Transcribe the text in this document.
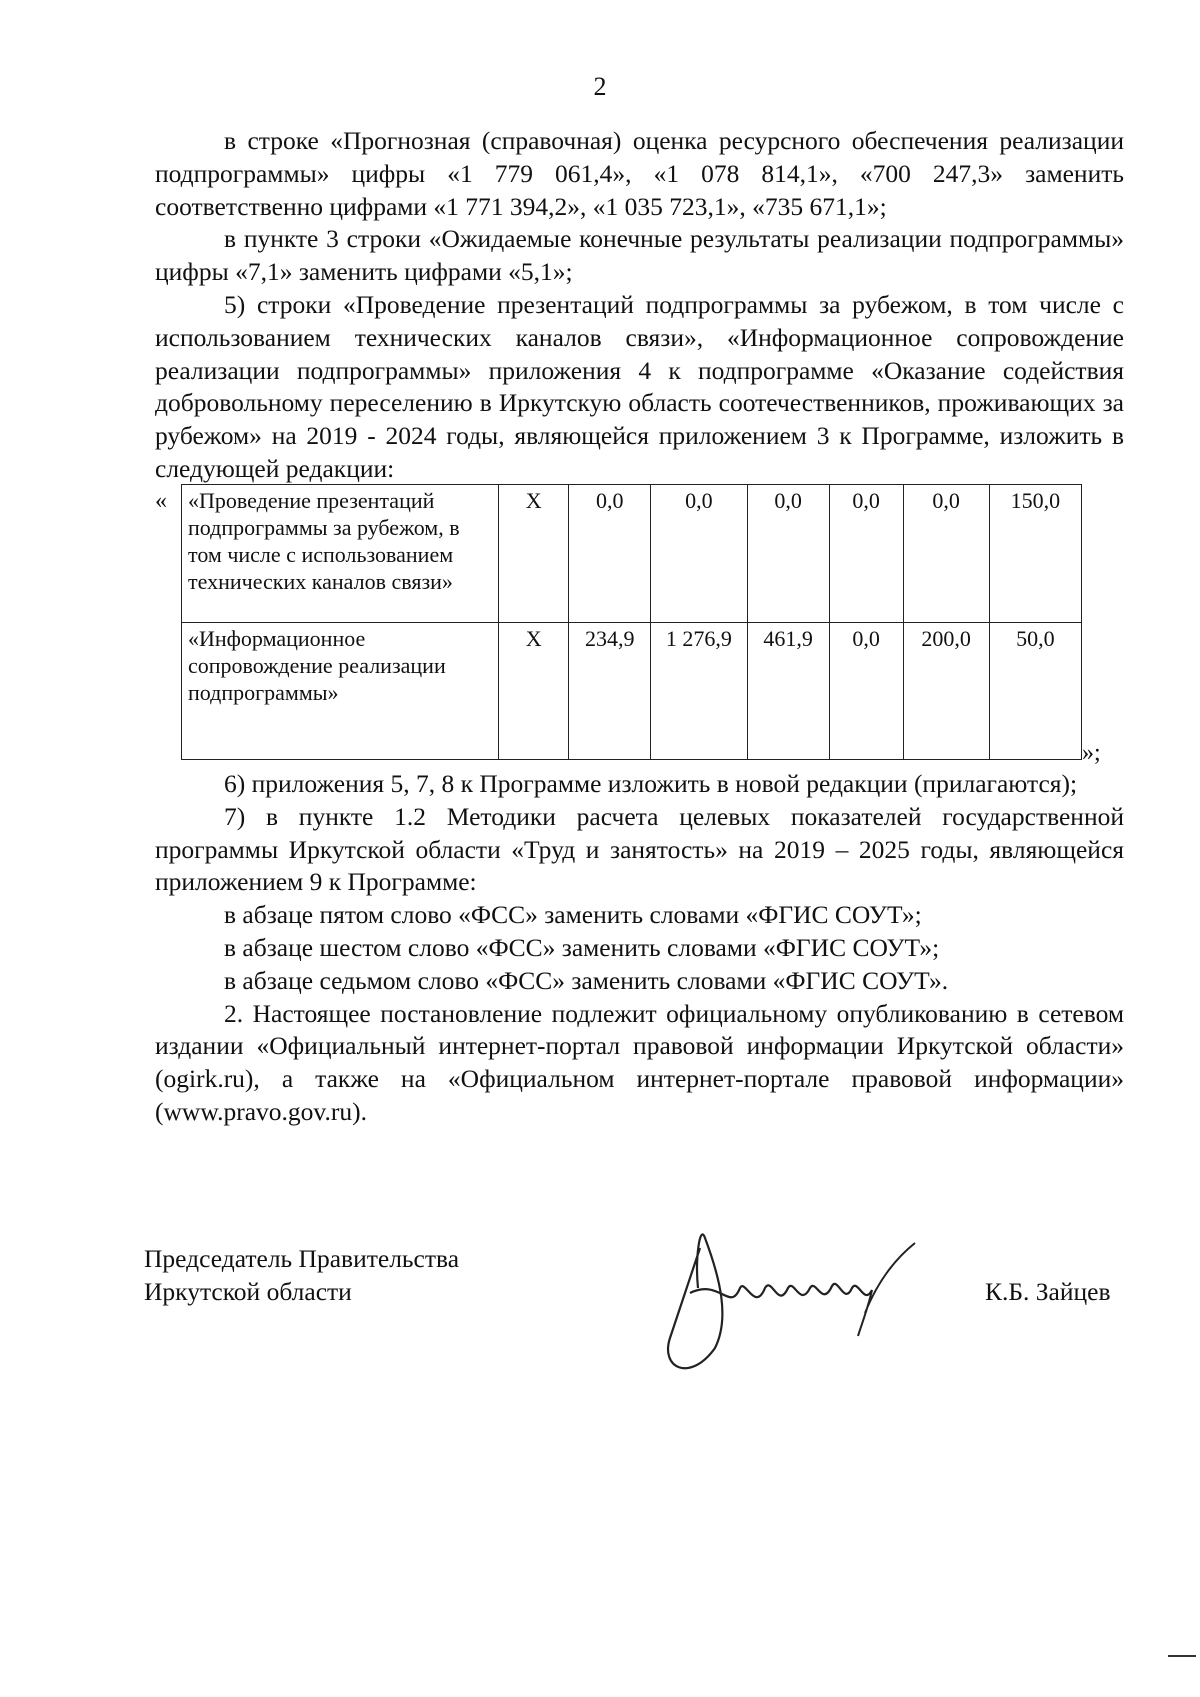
2

в строке «Прогнозная (справочная) оценка ресурсного обеспечения реализации подпрограммы» цифры «1 779 061,4», «1 078 814,1», «700 247,3» заменить соответственно цифрами «1 771 394,2», «1 035 723,1», «735 671,1»;

в пункте 3 строки «Ожидаемые конечные результаты реализации подпрограммы» цифры «7,1» заменить цифрами «5,1»;

5) строки «Проведение презентаций подпрограммы за рубежом, в том числе с использованием технических каналов связи», «Информационное сопровождение реализации подпрограммы» приложения 4 к подпрограмме «Оказание содействия добровольному переселению в Иркутскую область соотечественников, проживающих за рубежом» на 2019 - 2024 годы, являющейся приложением 3 к Программе, изложить в следующей редакции:

« «Проведение презентаций подпрограммы за рубежом, в том числе с использованием технических каналов связи»	Х	0,0	0,0	0,0	0,0	0,0	150,0
«Информационное сопровождение реализации подпрограммы»	Х	234,9	1 276,9	461,9	0,0	200,0	50,0
»;

6) приложения 5, 7, 8 к Программе изложить в новой редакции (прилагаются);

7) в пункте 1.2 Методики расчета целевых показателей государственной программы Иркутской области «Труд и занятость» на 2019 – 2025 годы, являющейся приложением 9 к Программе:

в абзаце пятом слово «ФСС» заменить словами «ФГИС СОУТ»;

в абзаце шестом слово «ФСС» заменить словами «ФГИС СОУТ»;

в абзаце седьмом слово «ФСС» заменить словами «ФГИС СОУТ».

2. Настоящее постановление подлежит официальному опубликованию в сетевом издании «Официальный интернет-портал правовой информации Иркутской области» (ogirk.ru), а также на «Официальном интернет-портале правовой информации» (www.pravo.gov.ru).

Председатель Правительства
Иркутской области	К.Б. Зайцев
